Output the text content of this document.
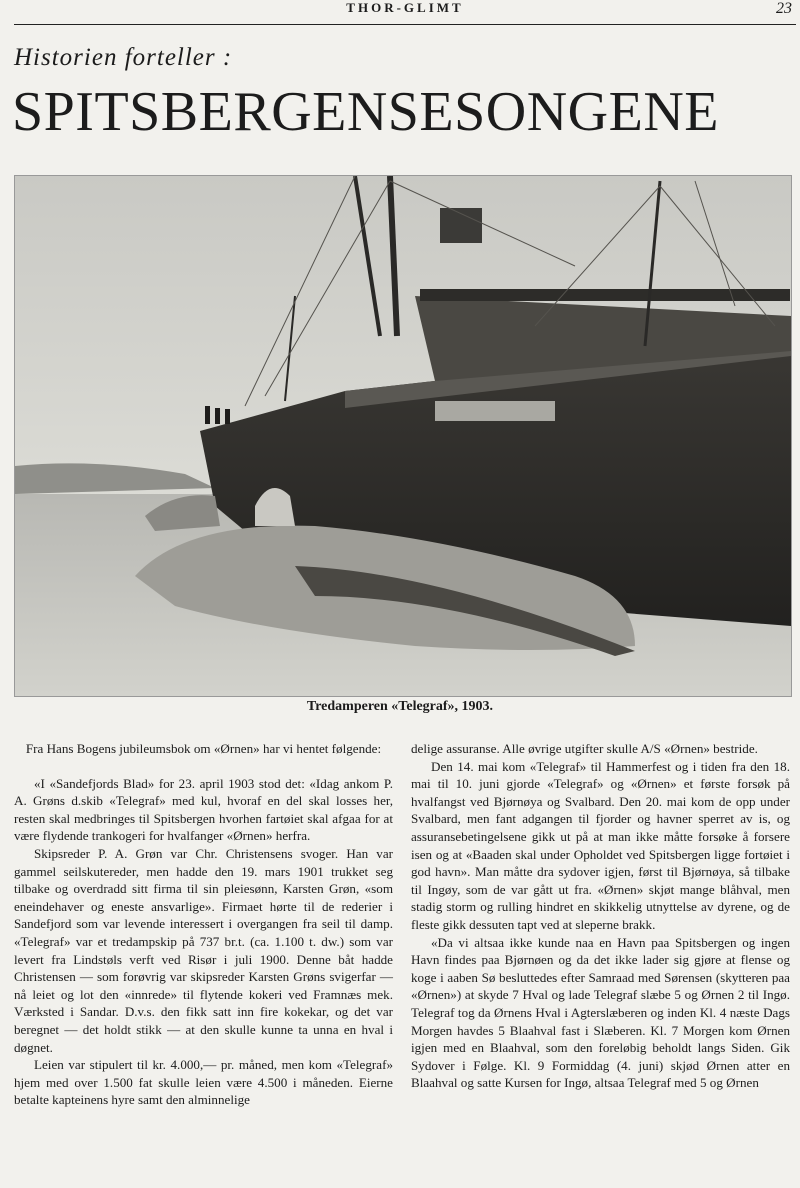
THOR-GLIMT	23
Historien forteller :
SPITSBERGENSESONGENE
Tredamperen «Telegraf», 1903.

Fra Hans Bogens jubileumsbok om «Ørnen» har vi hentet følgende:

«I «Sandefjords Blad» for 23. april 1903 stod det: «Idag ankom P. A. Grøns d.skib «Telegraf» med kul, hvoraf en del skal losses her, resten skal medbringes til Spitsbergen hvorhen fartøiet skal afgaa for at være flydende trankogeri for hvalfanger «Ørnen» herfra.

Skipsreder P. A. Grøn var Chr. Christensens svoger. Han var gammel seilskutereder, men hadde den 19. mars 1901 trukket seg tilbake og overdradd sitt firma til sin pleiesønn, Karsten Grøn, «som eneindehaver og eneste ansvarlige». Firmaet hørte til de rederier i Sandefjord som var levende interessert i overgangen fra seil til damp. «Telegraf» var et tredampskip på 737 br.t. (ca. 1.100 t. dw.) som var levert fra Lindstøls verft ved Risør i juli 1900. Denne båt hadde Christensen — som forøvrig var skipsreder Karsten Grøns svigerfar — nå leiet og lot den «innrede» til flytende kokeri ved Framnæs mek. Værksted i Sandar. D.v.s. den fikk satt inn fire kokekar, og det var beregnet — det holdt stikk — at den skulle kunne ta unna en hval i døgnet.

Leien var stipulert til kr. 4.000,— pr. måned, men kom «Telegraf» hjem med over 1.500 fat skulle leien være 4.500 i måneden. Eierne betalte kapteinens hyre samt den alminnelige

delige assuranse. Alle øvrige utgifter skulle A/S «Ørnen» bestride.

Den 14. mai kom «Telegraf» til Hammerfest og i tiden fra den 18. mai til 10. juni gjorde «Telegraf» og «Ørnen» et første forsøk på hvalfangst ved Bjørnøya og Svalbard. Den 20. mai kom de opp under Svalbard, men fant adgangen til fjorder og havner sperret av is, og assuransebetingelsene gikk ut på at man ikke måtte forsøke å forsere isen og at «Baaden skal under Opholdet ved Spitsbergen ligge fortøiet i god havn». Man måtte dra sydover igjen, først til Bjørnøya, så tilbake til Ingøy, som de var gått ut fra. «Ørnen» skjøt mange blåhval, men stadig storm og rulling hindret en skikkelig utnyttelse av dyrene, og de fleste gikk dessuten tapt ved at sleperne brakk.

«Da vi altsaa ikke kunde naa en Havn paa Spitsbergen og ingen Havn findes paa Bjørnøen og da det ikke lader sig gjøre at flense og koge i aaben Sø besluttedes efter Samraad med Sørensen (skytteren paa «Ørnen») at skyde 7 Hval og lade Telegraf slæbe 5 og Ørnen 2 til Ingø. Telegraf tog da Ørnens Hval i Agterslæberen og inden Kl. 4 næste Dags Morgen havdes 5 Blaahval fast i Slæberen. Kl. 7 Morgen kom Ørnen igjen med en Blaahval, som den foreløbig beholdt langs Siden. Gik Sydover i Følge. Kl. 9 Formiddag (4. juni) skjød Ørnen atter en Blaahval og satte Kursen for Ingø, altsaa Telegraf med 5 og Ørnen
